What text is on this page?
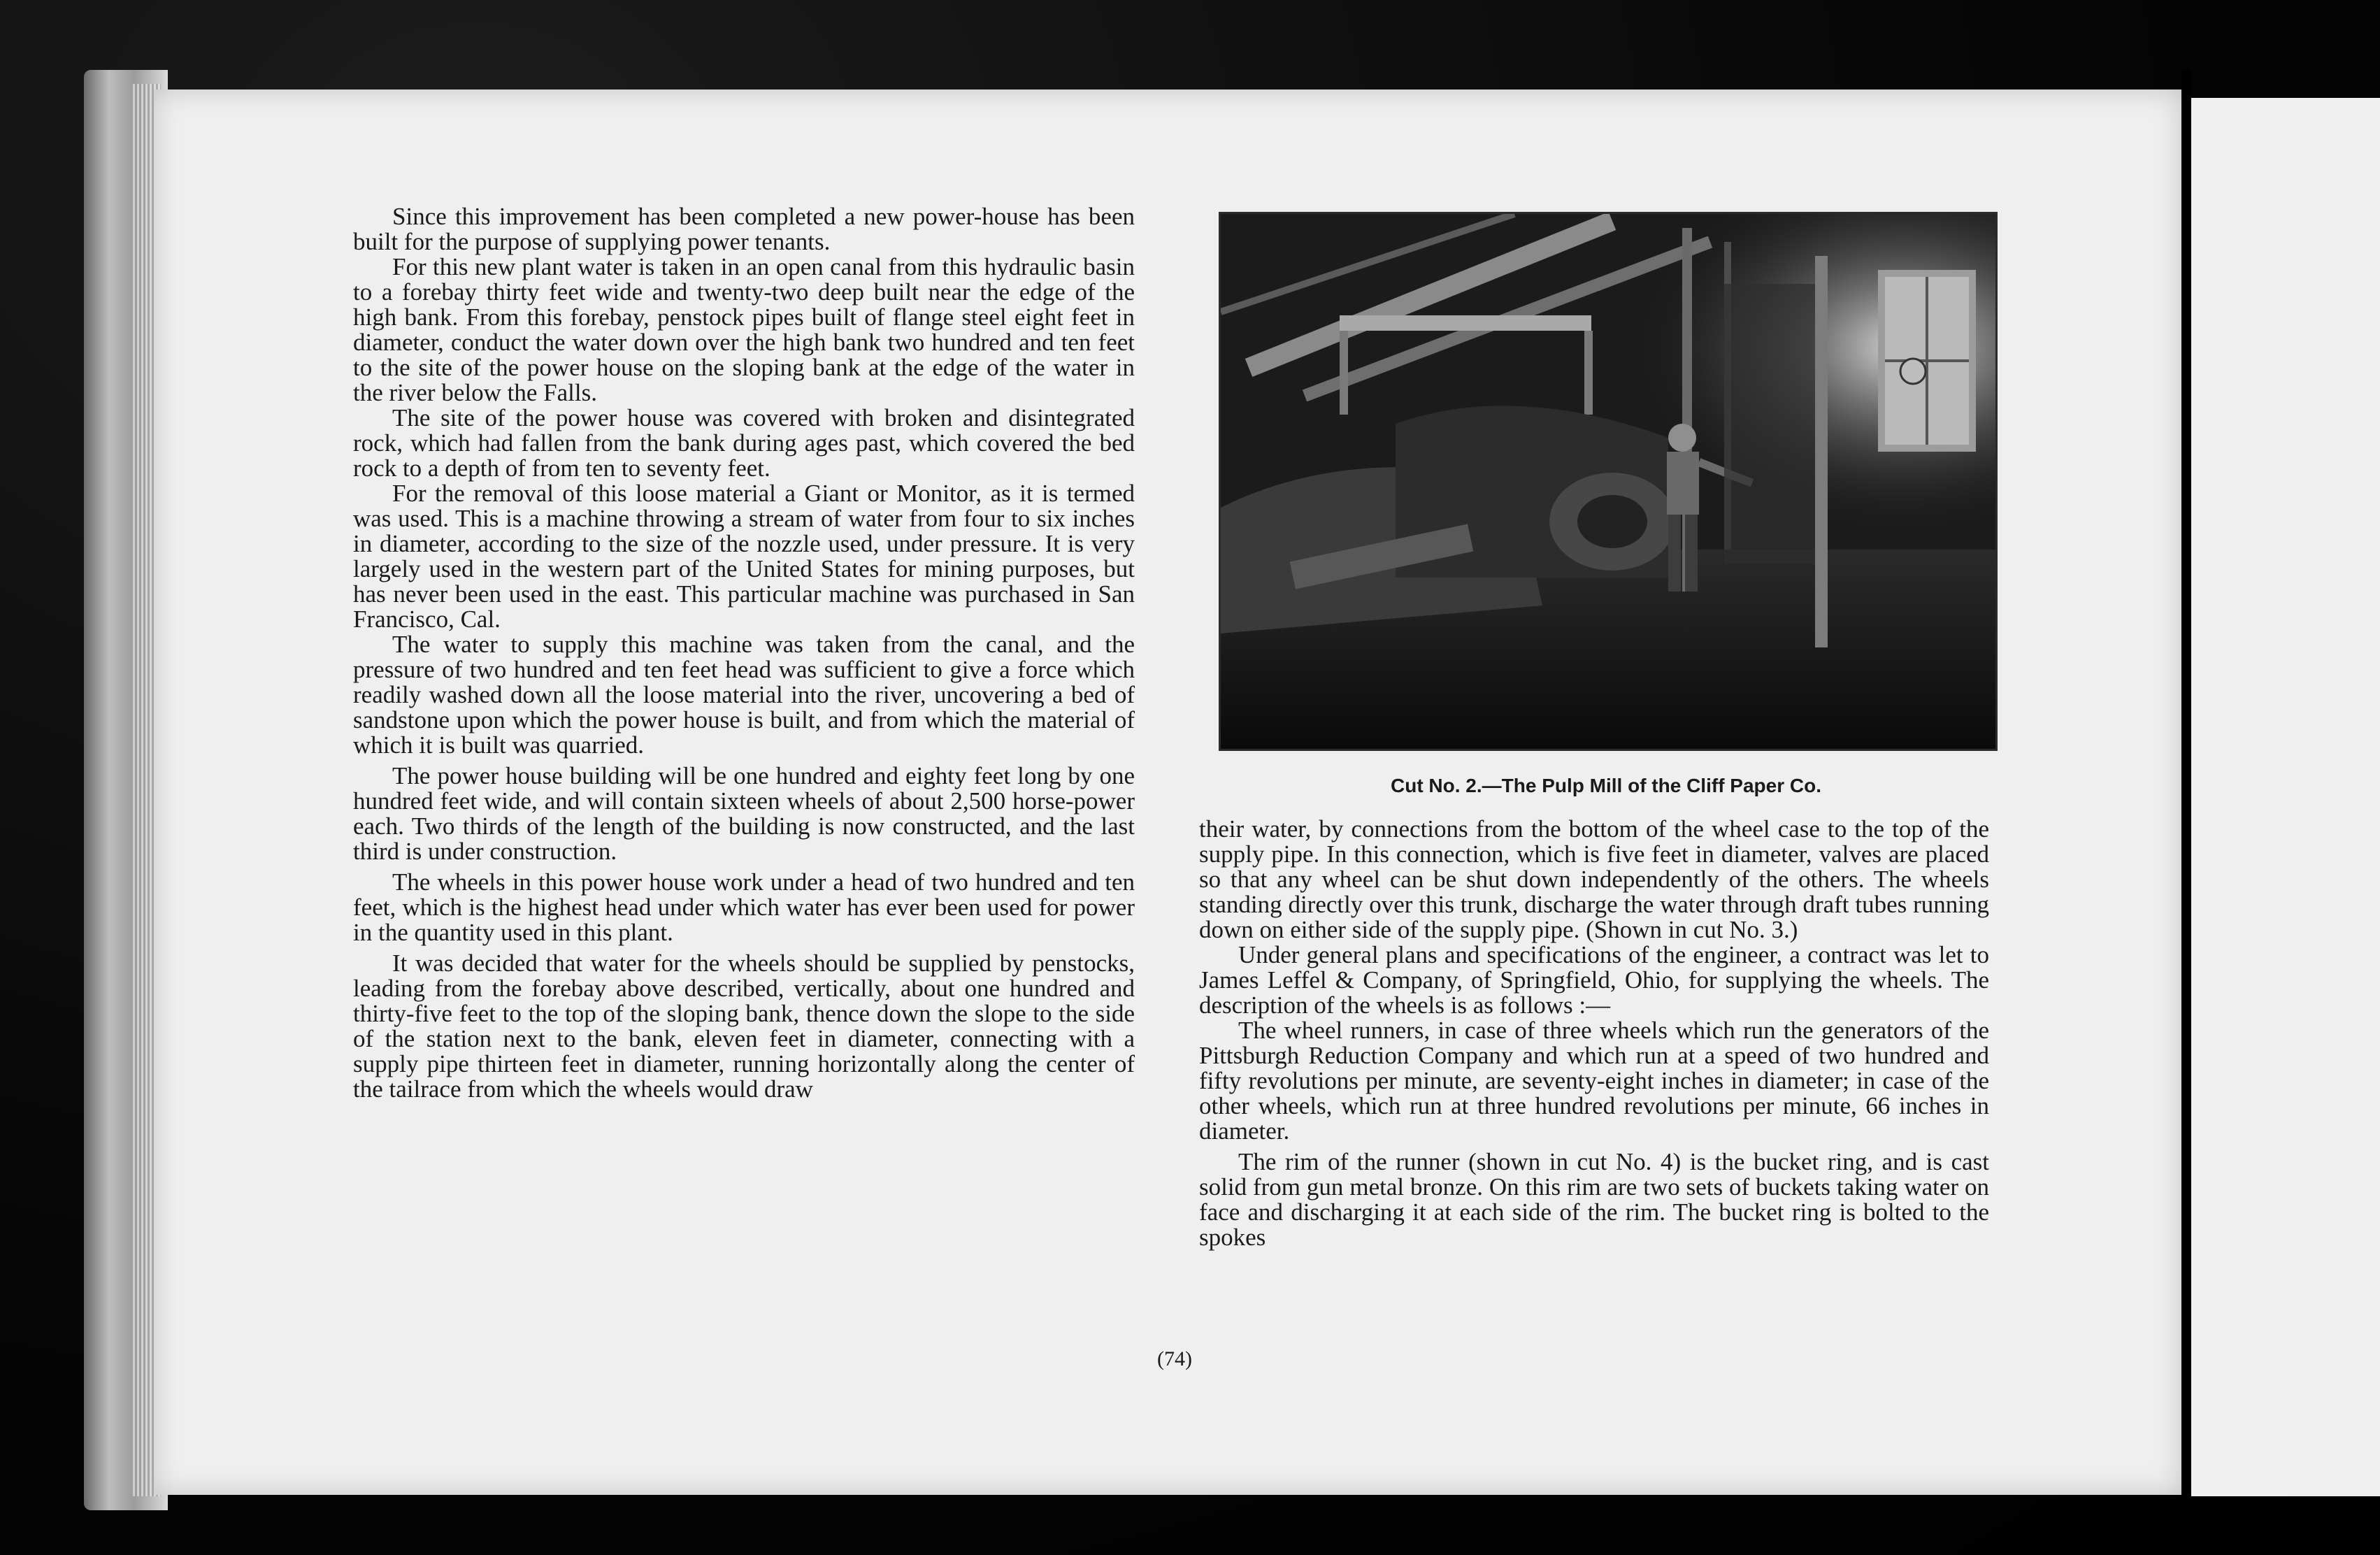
Since this improvement has been completed a new power-house has been built for the purpose of supplying power tenants.

For this new plant water is taken in an open canal from this hydraulic basin to a forebay thirty feet wide and twenty-two deep built near the edge of the high bank. From this forebay, penstock pipes built of flange steel eight feet in diameter, conduct the water down over the high bank two hundred and ten feet to the site of the power house on the sloping bank at the edge of the water in the river below the Falls.

The site of the power house was covered with broken and disintegrated rock, which had fallen from the bank during ages past, which covered the bed rock to a depth of from ten to seventy feet.

For the removal of this loose material a Giant or Monitor, as it is termed was used. This is a machine throwing a stream of water from four to six inches in diameter, according to the size of the nozzle used, under pressure. It is very largely used in the western part of the United States for mining purposes, but has never been used in the east. This particular machine was purchased in San Francisco, Cal.

The water to supply this machine was taken from the canal, and the pressure of two hundred and ten feet head was sufficient to give a force which readily washed down all the loose material into the river, uncovering a bed of sandstone upon which the power house is built, and from which the material of which it is built was quarried.

The power house building will be one hundred and eighty feet long by one hundred feet wide, and will contain sixteen wheels of about 2,500 horse-power each. Two thirds of the length of the building is now constructed, and the last third is under construction.

The wheels in this power house work under a head of two hundred and ten feet, which is the highest head under which water has ever been used for power in the quantity used in this plant.

It was decided that water for the wheels should be supplied by penstocks, leading from the forebay above described, vertically, about one hundred and thirty-five feet to the top of the sloping bank, thence down the slope to the side of the station next to the bank, eleven feet in diameter, connecting with a supply pipe thirteen feet in diameter, running horizontally along the center of the tailrace from which the wheels would draw

Cut No. 2.—The Pulp Mill of the Cliff Paper Co.

their water, by connections from the bottom of the wheel case to the top of the supply pipe. In this connection, which is five feet in diameter, valves are placed so that any wheel can be shut down independently of the others. The wheels standing directly over this trunk, discharge the water through draft tubes running down on either side of the supply pipe. (Shown in cut No. 3.)

Under general plans and specifications of the engineer, a contract was let to James Leffel & Company, of Springfield, Ohio, for supplying the wheels. The description of the wheels is as follows :—

The wheel runners, in case of three wheels which run the generators of the Pittsburgh Reduction Company and which run at a speed of two hundred and fifty revolutions per minute, are seventy-eight inches in diameter; in case of the other wheels, which run at three hundred revolutions per minute, 66 inches in diameter.

The rim of the runner (shown in cut No. 4) is the bucket ring, and is cast solid from gun metal bronze. On this rim are two sets of buckets taking water on face and discharging it at each side of the rim. The bucket ring is bolted to the spokes

(74)
